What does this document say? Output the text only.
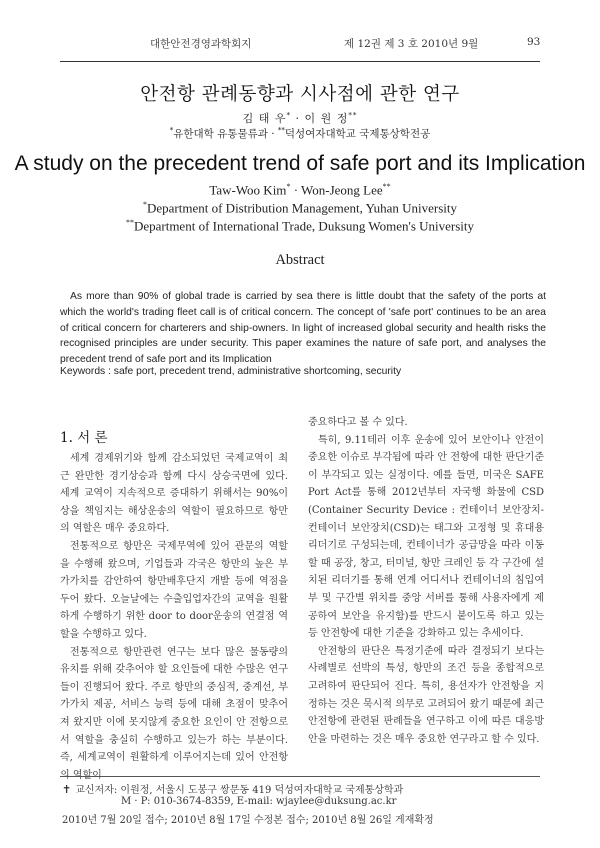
대한안전경영과학회지	제 12권 제 3 호 2010년 9월	93
안전항 관례동향과 시사점에 관한 연구
김 태 우* · 이 원 정**
*유한대학 유통물류과 · **덕성여자대학교 국제통상학전공
A study on the precedent trend of safe port and its Implication
Taw-Woo Kim* · Won-Jeong Lee**
*Department of Distribution Management, Yuhan University
**Department of International Trade, Duksung Women's University
Abstract
As more than 90% of global trade is carried by sea there is little doubt that the safety of the ports at which the world's trading fleet call is of critical concern. The concept of 'safe port' continues to be an area of critical concern for charterers and ship-owners. In light of increased global security and health risks the recognised principles are under security. This paper examines the nature of safe port, and analyses the precedent trend of safe port and its Implication
Keywords : safe port, precedent trend, administrative shortcoming, security
1. 서 론

세계 경제위기와 함께 감소되었던 국제교역이 최근 완만한 경기상승과 함께 다시 상승국면에 있다. 세계 교역이 지속적으로 증대하기 위해서는 90%이상을 책임지는 해상운송의 역할이 필요하므로 항만의 역할은 매우 중요하다.

전통적으로 항만은 국제무역에 있어 관문의 역할을 수행해 왔으며, 기업들과 각국은 항만의 높은 부가가치를 감안하여 항만배후단지 개발 등에 역점을 두어 왔다. 오늘날에는 수출입업자간의 교역을 원활하게 수행하기 위한 door to door운송의 연결점 역할을 수행하고 있다.

전통적으로 항만관련 연구는 보다 많은 물동량의 유치를 위해 갖추어야 할 요인들에 대한 수많은 연구들이 진행되어 왔다. 주로 항만의 중심적, 중계선, 부가가치 제공, 서비스 능력 등에 대해 초점이 맞추어져 왔지만 이에 못지않게 중요한 요인이 안 전항으로서 역할을 충실히 수행하고 있는가 하는 부분이다. 즉, 세계교역이 원활하게 이루어지는데 있어 안전항의 역할이

중요하다고 볼 수 있다.

특히, 9.11테러 이후 운송에 있어 보안이나 안전이 중요한 이슈로 부각됨에 따라 안 전항에 대한 판단기준이 부각되고 있는 실정이다. 예를 들면, 미국은 SAFE Port Act를 통해 2012년부터 자국행 화물에 CSD (Container Security Device : 컨테이너 보안장치-컨테이너 보안장치(CSD)는 태그와 고정형 및 휴대용 리더기로 구성되는데, 컨테이너가 공급망을 따라 이동할 때 공장, 창고, 터미널, 항만 크레인 등 각 구간에 설치된 리더기를 통해 연계 어디서나 컨테이너의 침입여부 및 구간별 위치를 중앙 서버를 통해 사용자에게 제공하여 보안을 유지함)를 반드시 붙이도록 하고 있는 등 안전항에 대한 기준을 강화하고 있는 추세이다.

안전항의 판단은 특정기준에 따라 결정되기 보다는 사례별로 선박의 특성, 항만의 조건 등을 종합적으로 고려하여 판단되어 진다. 특히, 용선자가 안전항을 지정하는 것은 묵시적 의무로 고려되어 왔기 때문에 최근 안전항에 관련된 판례들을 연구하고 이에 따른 대응방안을 마련하는 것은 매우 중요한 연구라고 할 수 있다.

✝ 교신저자: 이원정, 서울시 도봉구 쌍문동 419 덕성여자대학교 국제통상학과
M · P: 010-3674-8359, E-mail: wjaylee@duksung.ac.kr
2010년 7월 20일 접수; 2010년 8월 17일 수정본 접수; 2010년 8월 26일 게재확정
